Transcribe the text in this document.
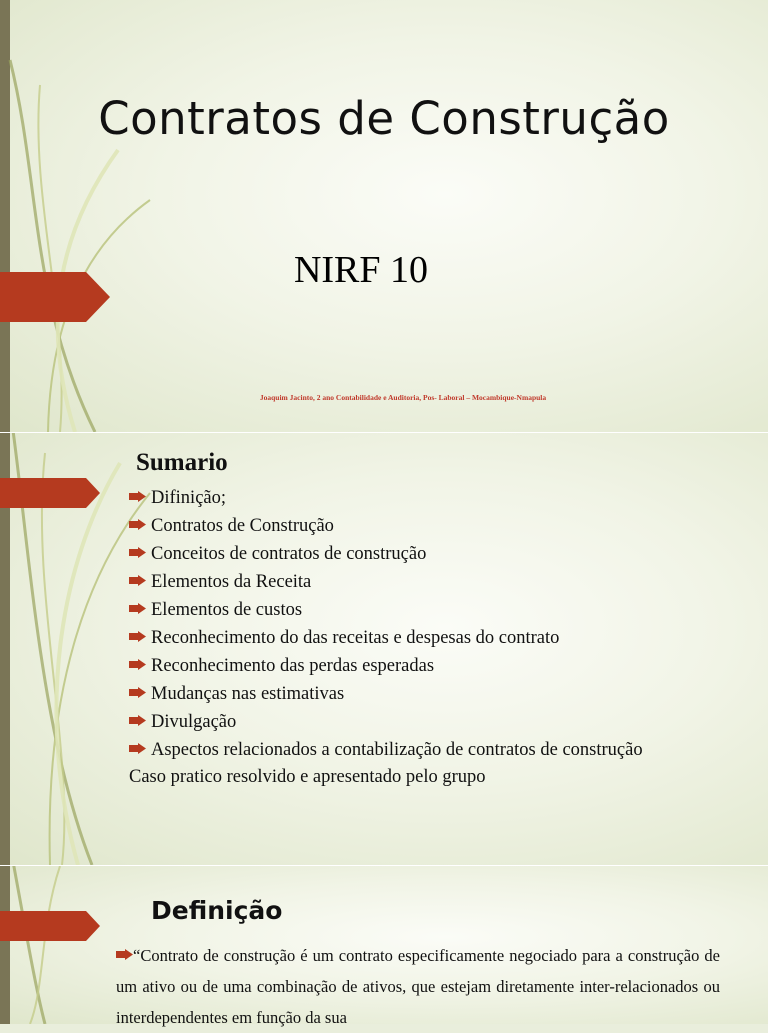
Contratos de Construção
NIRF 10
Joaquim Jacinto, 2 ano Contabilidade e Auditoria, Pos- Laboral – Mocambique-Nmapula
Sumario
Difinição;
Contratos de Construção
Conceitos de contratos de construção
Elementos da Receita
Elementos de custos
Reconhecimento do das receitas e despesas do contrato
Reconhecimento das perdas esperadas
Mudanças nas estimativas
Divulgação
Aspectos relacionados a contabilização de contratos de construção
Caso pratico resolvido e apresentado pelo grupo
Definição

“Contrato de construção é um contrato especificamente negociado para a construção de um ativo ou de uma combinação de ativos, que estejam diretamente inter-relacionados ou interdependentes em função da sua
